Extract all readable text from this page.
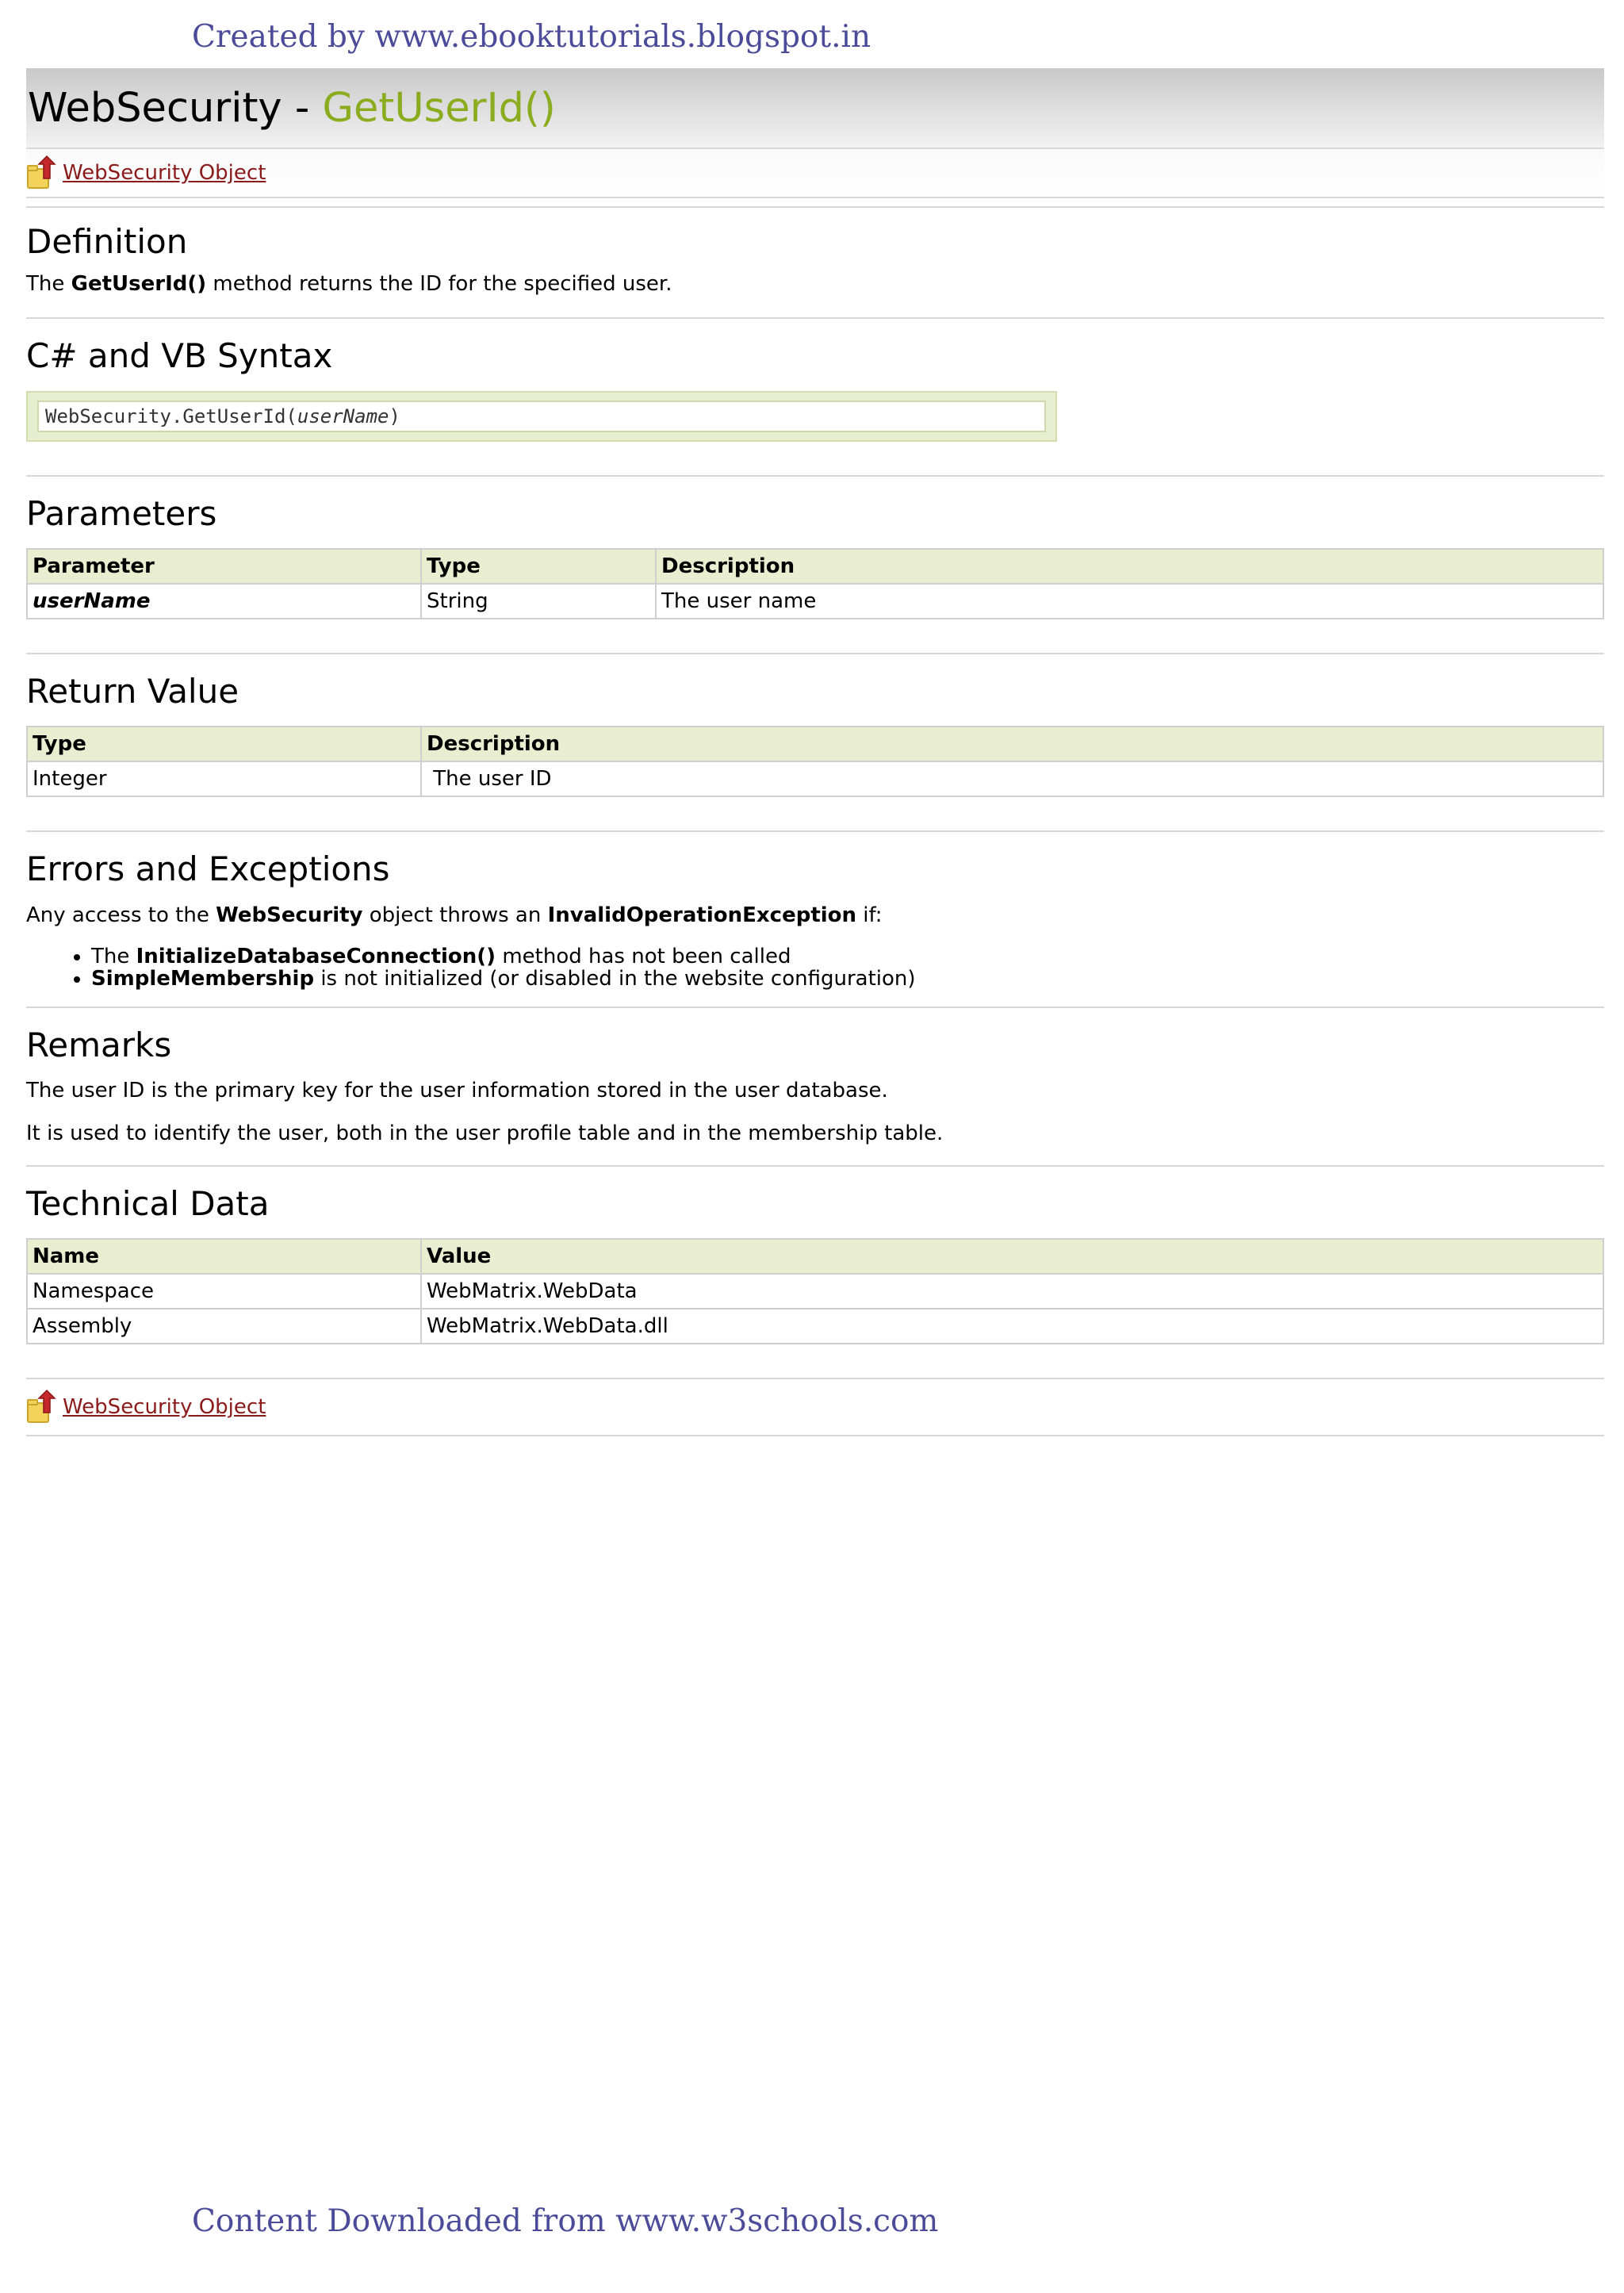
Created by www.ebooktutorials.blogspot.in
WebSecurity - GetUserId()
WebSecurity Object
Definition

The GetUserId() method returns the ID for the specified user.

C# and VB Syntax
WebSecurity.GetUserId( userName )
Parameters
Parameter	Type	Description
userName	String	The user name
Return Value
Type	Description
Integer	The user ID
Errors and Exceptions

Any access to the WebSecurity object throws an InvalidOperationException if:

• The InitializeDatabaseConnection() method has not been called
• SimpleMembership is not initialized (or disabled in the website configuration)
Remarks

The user ID is the primary key for the user information stored in the user database.

It is used to identify the user, both in the user profile table and in the membership table.

Technical Data
Name	Value
Namespace	WebMatrix.WebData
Assembly	WebMatrix.WebData.dll
WebSecurity Object
Content Downloaded from www.w3schools.com
